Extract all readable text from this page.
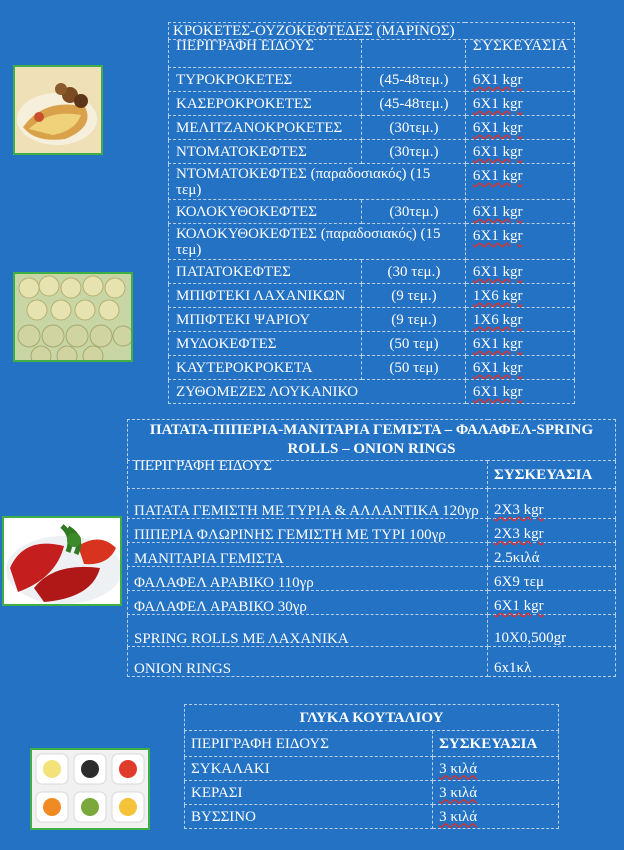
ΚΡΟΚΕΤΕΣ-ΟΥΖΟΚΕΦΤΕΔΕΣ (ΜΑΡΙΝΟΣ)		
ΠΕΡΙΓΡΑΦΗ ΕΙΔΟΥΣ		ΣΥΣΚΕΥΑΣΙΑ
ΤΥΡΟΚΡΟΚΕΤΕΣ	(45-48τεμ.)	6X1 kgr
ΚΑΣΕΡΟΚΡΟΚΕΤΕΣ	(45-48τεμ.)	6X1 kgr
ΜΕΛΙΤΖΑΝΟΚΡΟΚΕΤΕΣ	(30τεμ.)	6X1 kgr
ΝΤΟΜΑΤΟΚΕΦΤΕΣ	(30τεμ.)	6X1 kgr
ΝΤΟΜΑΤΟΚΕΦΤΕΣ (παραδοσιακός) (15 τεμ)		6X1 kgr
ΚΟΛΟΚΥΘΟΚΕΦΤΕΣ	(30τεμ.)	6X1 kgr
ΚΟΛΟΚΥΘΟΚΕΦΤΕΣ (παραδοσιακός) (15 τεμ)		6X1 kgr
ΠΑΤΑΤΟΚΕΦΤΕΣ	(30 τεμ.)	6X1 kgr
ΜΠΙΦΤΕΚΙ ΛΑΧΑΝΙΚΩΝ	(9 τεμ.)	1X6 kgr
ΜΠΙΦΤΕΚΙ ΨΑΡΙΟΥ	(9 τεμ.)	1X6 kgr
ΜΥΔΟΚΕΦΤΕΣ	(50 τεμ)	6X1 kgr
ΚΑΥΤΕΡΟΚΡΟΚΕΤΑ	(50 τεμ)	6X1 kgr
ΖΥΘΟΜΕΖΕΣ ΛΟΥΚΑΝΙΚΟ		6X1 kgr
ΠΑΤΑΤΑ-ΠΙΠΕΡΙΑ-ΜΑΝΙΤΑΡΙΑ ΓΕΜΙΣΤΑ – ΦΑΛΑΦΕΛ-SPRING ROLLS – ONION RINGS	
ΠΕΡΙΓΡΑΦΗ ΕΙΔΟΥΣ	ΣΥΣΚΕΥΑΣΙΑ
ΠΑΤΑΤΑ ΓΕΜΙΣΤΗ ΜΕ ΤΥΡΙΑ & ΑΛΛΑΝΤΙΚΑ 120γρ	2X3 kgr
ΠΙΠΕΡΙΑ ΦΛΩΡΙΝΗΣ ΓΕΜΙΣΤΗ ΜΕ ΤΥΡΙ 100γρ	2X3 kgr
ΜΑΝΙΤΑΡΙΑ ΓΕΜΙΣΤΑ	2.5κιλά
ΦΑΛΑΦΕΛ ΑΡΑΒΙΚΟ 110γρ	6X9 τεμ
ΦΑΛΑΦΕΛ ΑΡΑΒΙΚΟ 30γρ	6X1 kgr
SPRING ROLLS ΜΕ ΛΑΧΑΝΙΚΑ	10X0,500gr
ONION RINGS	6x1κλ
ΓΛΥΚΑ ΚΟΥΤΑΛΙΟΥ	
ΠΕΡΙΓΡΑΦΗ ΕΙΔΟΥΣ	ΣΥΣΚΕΥΑΣΙΑ
ΣΥΚΑΛΑΚΙ	3 κιλά
ΚΕΡΑΣΙ	3 κιλά
ΒΥΣΣΙΝΟ	3 κιλά
